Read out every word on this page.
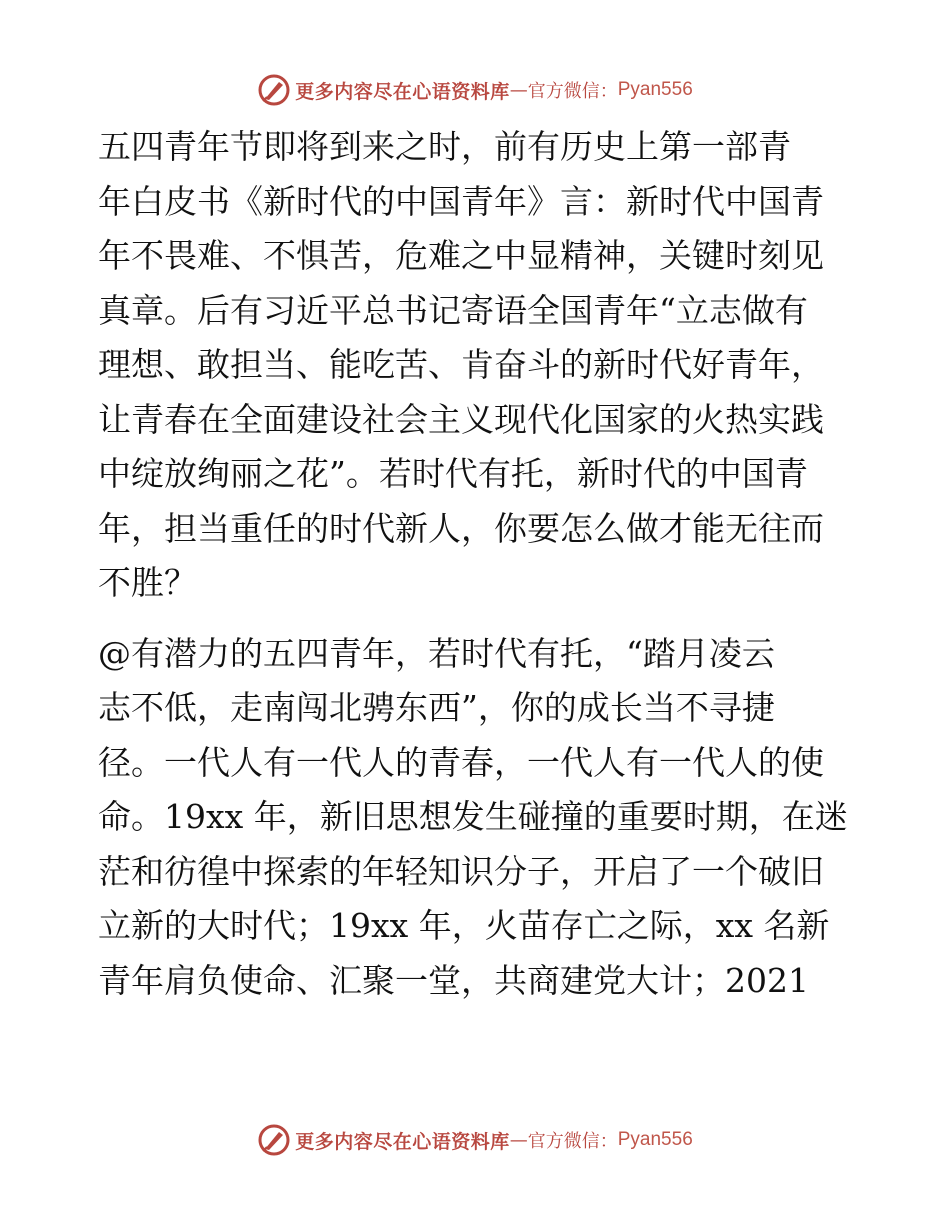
更多内容尽在心语资料库 — 官方微信： Pyan556

五四青年节即将到来之时，前有历史上第一部青
年白皮书《新时代的中国青年》言：新时代中国青
年不畏难、不惧苦，危难之中显精神，关键时刻见
真章。后有习近平总书记寄语全国青年“立志做有
理想、敢担当、能吃苦、肯奋斗的新时代好青年，
让青春在全面建设社会主义现代化国家的火热实践
中绽放绚丽之花”。若时代有托，新时代的中国青
年，担当重任的时代新人，你要怎么做才能无往而
不胜？

@有潜力的五四青年，若时代有托，“踏月凌云
志不低，走南闯北骋东西”，你的成长当不寻捷
径。一代人有一代人的青春，一代人有一代人的使
命。19xx 年，新旧思想发生碰撞的重要时期，在迷
茫和彷徨中探索的年轻知识分子，开启了一个破旧
立新的大时代；19xx 年，火苗存亡之际，xx 名新
青年肩负使命、汇聚一堂，共商建党大计；2021

更多内容尽在心语资料库 — 官方微信： Pyan556
